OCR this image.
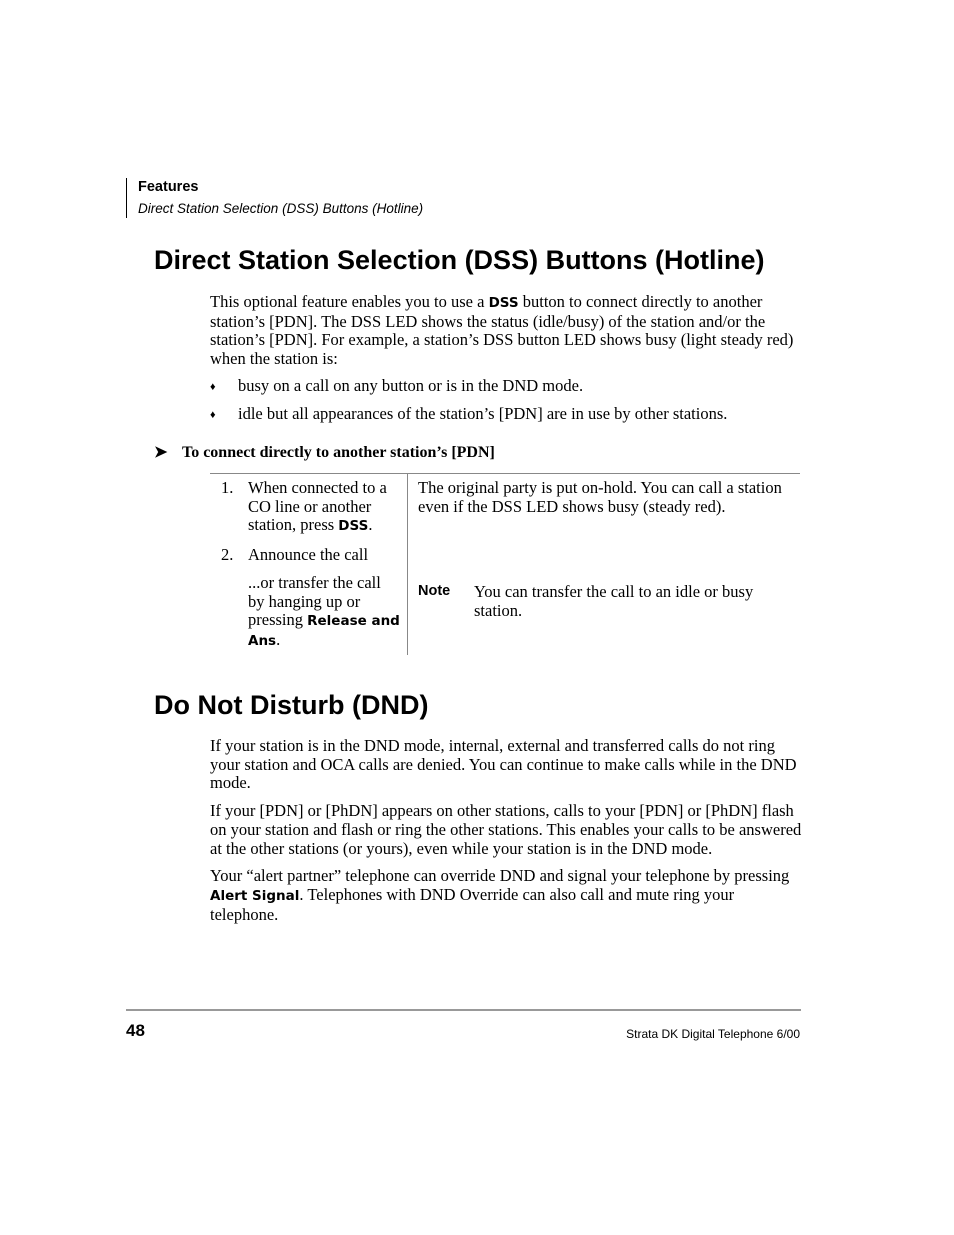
Features
Direct Station Selection (DSS) Buttons (Hotline)
Direct Station Selection (DSS) Buttons (Hotline)

This optional feature enables you to use a DSS button to connect directly to another station’s [PDN]. The DSS LED shows the status (idle/busy) of the station and/or the station’s [PDN]. For example, a station’s DSS button LED shows busy (light steady red) when the station is:

♦ busy on a call on any button or is in the DND mode.
♦ idle but all appearances of the station’s [PDN] are in use by other stations.
➤ To connect directly to another station’s [PDN]
1. When connected to a CO line or another station, press DSS.
2. Announce the call
...or transfer the call by hanging up or pressing Release and Ans.
The original party is put on-hold. You can call a station even if the DSS LED shows busy (steady red).
Note You can transfer the call to an idle or busy station.
Do Not Disturb (DND)

If your station is in the DND mode, internal, external and transferred calls do not ring your station and OCA calls are denied. You can continue to make calls while in the DND mode.

If your [PDN] or [PhDN] appears on other stations, calls to your [PDN] or [PhDN] flash on your station and flash or ring the other stations. This enables your calls to be answered at the other stations (or yours), even while your station is in the DND mode.

Your “alert partner” telephone can override DND and signal your telephone by pressing Alert Signal. Telephones with DND Override can also call and mute ring your telephone.

48	Strata DK Digital Telephone 6/00
